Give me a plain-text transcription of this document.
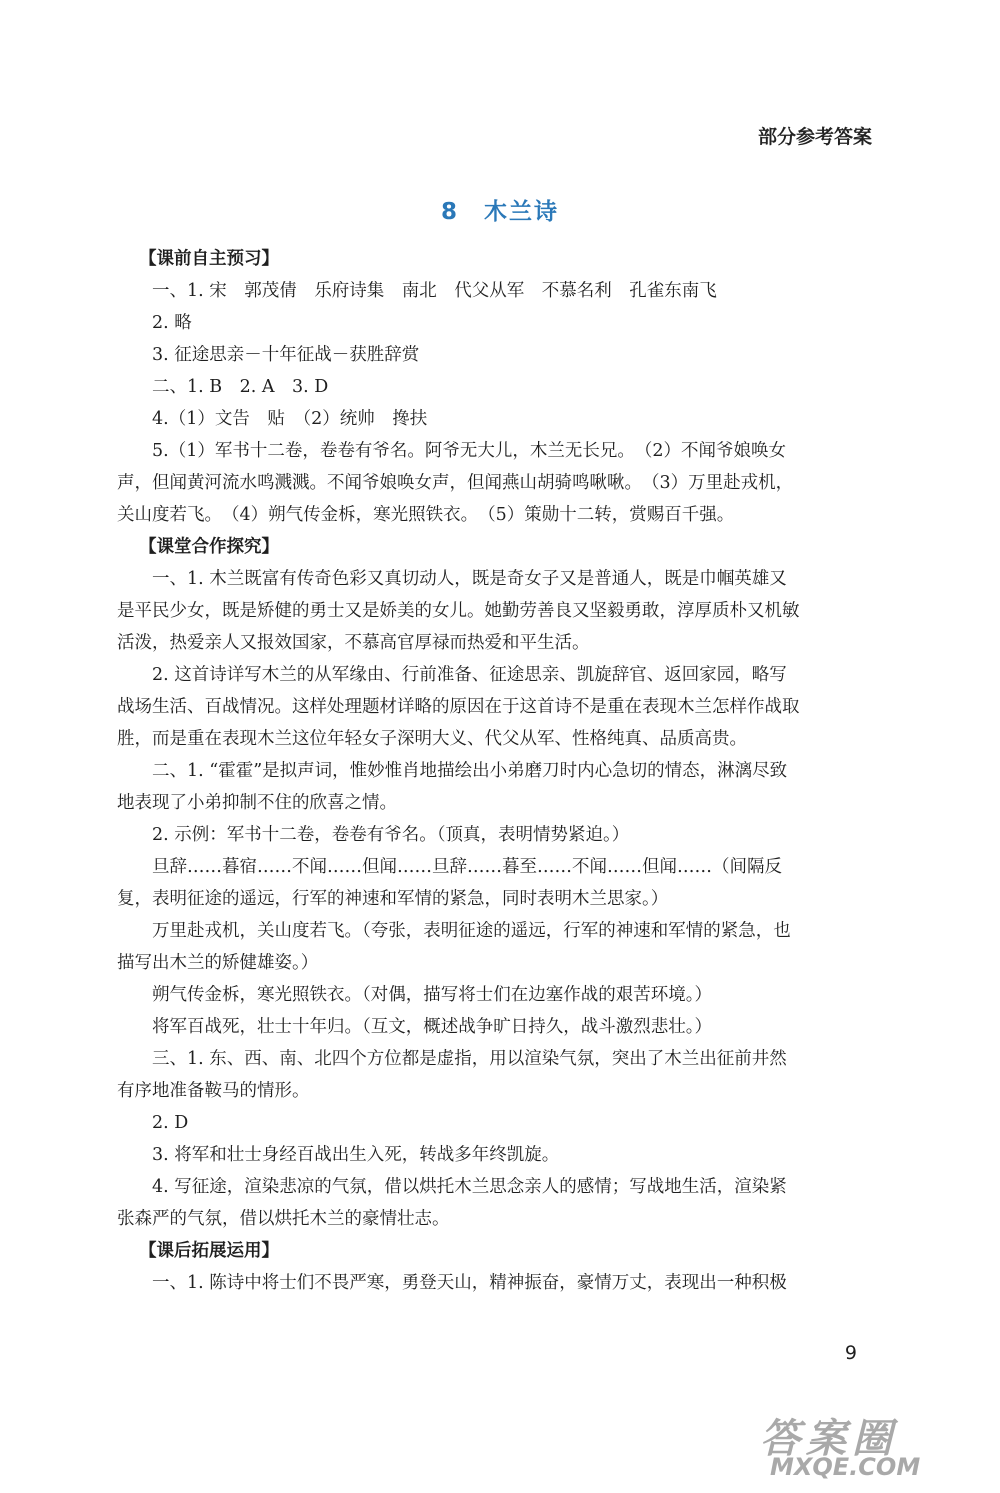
部分参考答案
8　木兰诗

【课前自主预习】

一、1. 宋　郭茂倩　乐府诗集　南北　代父从军　不慕名利　孔雀东南飞

2. 略

3. 征途思亲－十年征战－获胜辞赏

二、1. B　2. A　3. D

4.（1）文告　贴　（2）统帅　搀扶

5.（1）军书十二卷，卷卷有爷名。阿爷无大儿，木兰无长兄。　（2）不闻爷娘唤女

声，但闻黄河流水鸣溅溅。不闻爷娘唤女声，但闻燕山胡骑鸣啾啾。　（3）万里赴戎机，

关山度若飞。　（4）朔气传金柝，寒光照铁衣。　（5）策勋十二转，赏赐百千强。

【课堂合作探究】

一、1. 木兰既富有传奇色彩又真切动人，既是奇女子又是普通人，既是巾帼英雄又

是平民少女，既是矫健的勇士又是娇美的女儿。她勤劳善良又坚毅勇敢，淳厚质朴又机敏

活泼，热爱亲人又报效国家，不慕高官厚禄而热爱和平生活。

2. 这首诗详写木兰的从军缘由、行前准备、征途思亲、凯旋辞官、返回家园，略写

战场生活、百战情况。这样处理题材详略的原因在于这首诗不是重在表现木兰怎样作战取

胜，而是重在表现木兰这位年轻女子深明大义、代父从军、性格纯真、品质高贵。

二、1. “霍霍”是拟声词，惟妙惟肖地描绘出小弟磨刀时内心急切的情态，淋漓尽致

地表现了小弟抑制不住的欣喜之情。

2. 示例：军书十二卷，卷卷有爷名。（顶真，表明情势紧迫。）

旦辞……暮宿……不闻……但闻……旦辞……暮至……不闻……但闻……（间隔反

复，表明征途的遥远，行军的神速和军情的紧急，同时表明木兰思家。）

万里赴戎机，关山度若飞。（夸张，表明征途的遥远，行军的神速和军情的紧急，也

描写出木兰的矫健雄姿。）

朔气传金柝，寒光照铁衣。（对偶，描写将士们在边塞作战的艰苦环境。）

将军百战死，壮士十年归。（互文，概述战争旷日持久，战斗激烈悲壮。）

三、1. 东、西、南、北四个方位都是虚指，用以渲染气氛，突出了木兰出征前井然

有序地准备鞍马的情形。

2. D

3. 将军和壮士身经百战出生入死，转战多年终凯旋。

4. 写征途，渲染悲凉的气氛，借以烘托木兰思念亲人的感情；写战地生活，渲染紧

张森严的气氛，借以烘托木兰的豪情壮志。

【课后拓展运用】

一、1. 陈诗中将士们不畏严寒，勇登天山，精神振奋，豪情万丈，表现出一种积极

9
答案圈
MXQE.COM
